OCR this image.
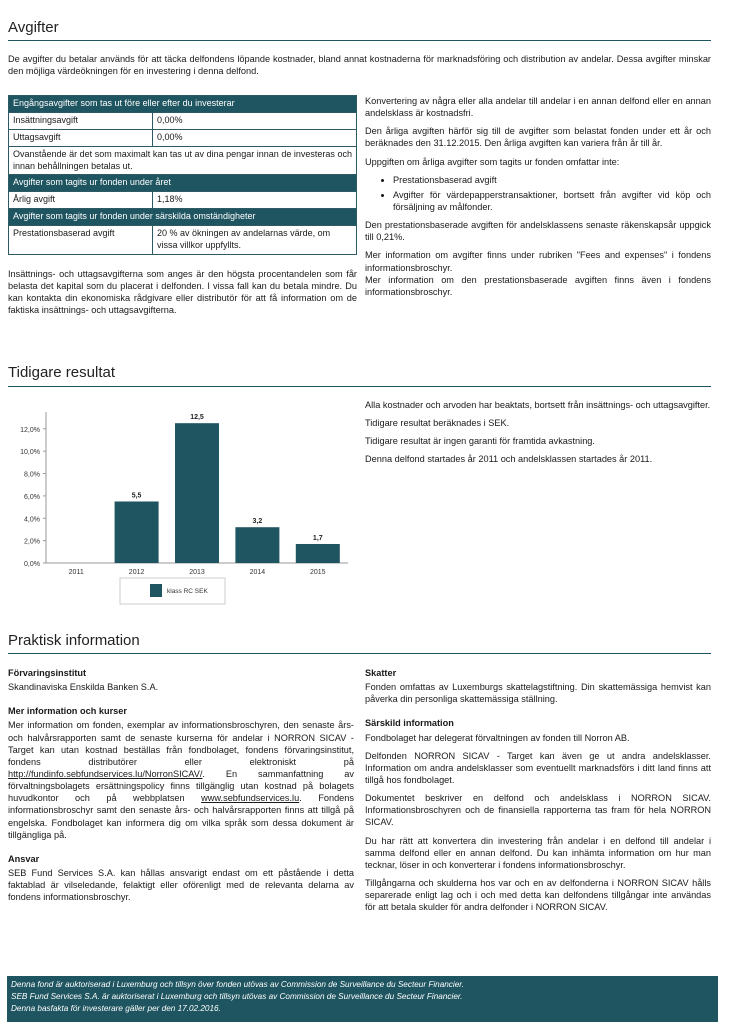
Avgifter
De avgifter du betalar används för att täcka delfondens löpande kostnader, bland annat kostnaderna för marknadsföring och distribution av andelar. Dessa avgifter minskar den möjliga värdeökningen för en investering i denna delfond.
Engångsavgifter som tas ut före eller efter du investerar	
Insättningsavgift	0,00%
Uttagsavgift	0,00%
Ovanstående är det som maximalt kan tas ut av dina pengar innan de investeras och innan behållningen betalas ut.	
Avgifter som tagits ur fonden under året	
Årlig avgift	1,18%
Avgifter som tagits ur fonden under särskilda omständigheter	
Prestationsbaserad avgift	20 % av ökningen av andelarnas värde, om vissa villkor uppfyllts.
Insättnings- och uttagsavgifterna som anges är den högsta procentandelen som får belasta det kapital som du placerat i delfonden. I vissa fall kan du betala mindre. Du kan kontakta din ekonomiska rådgivare eller distributör för att få information om de faktiska insättnings- och uttagsavgifterna.

Konvertering av några eller alla andelar till andelar i en annan delfond eller en annan andelsklass är kostnadsfri.

Den årliga avgiften härför sig till de avgifter som belastat fonden under ett år och beräknades den 31.12.2015. Den årliga avgiften kan variera från år till år.

Uppgiften om årliga avgifter som tagits ur fonden omfattar inte:

• Prestationsbaserad avgift
• Avgifter för värdepapperstransaktioner, bortsett från avgifter vid köp och försäljning av målfonder.

Den prestationsbaserade avgiften för andelsklassens senaste räkenskapsår uppgick till 0,21%.

Mer information om avgifter finns under rubriken "Fees and expenses" i fondens informationsbroschyr.

Mer information om den prestationsbaserade avgiften finns även i fondens informationsbroschyr.

Tidigare resultat
0,0%
2,0%
4,0%
6,0%
8,0%
10,0%
12,0%
2011	2012
5,5
2013
12,5
2014
3,2
2015
1,7
klass RC SEK

Alla kostnader och arvoden har beaktats, bortsett från insättnings- och uttagsavgifter.

Tidigare resultat beräknades i SEK.

Tidigare resultat är ingen garanti för framtida avkastning.

Denna delfond startades år 2011 och andelsklassen startades år 2011.

Praktisk information
Förvaringsinstitut

Skandinaviska Enskilda Banken S.A.

Mer information och kurser

Mer information om fonden, exemplar av informationsbroschyren, den senaste års- och halvårsrapporten samt de senaste kurserna för andelar i NORRON SICAV - Target kan utan kostnad beställas från fondbolaget, fondens förvaringsinstitut, fondens distributörer eller elektroniskt på http://fundinfo.sebfundservices.lu/NorronSICAV/. En sammanfattning av förvaltningsbolagets ersättningspolicy finns tillgänglig utan kostnad på bolagets huvudkontor och på webbplatsen www.sebfundservices.lu. Fondens informationsbroschyr samt den senaste års- och halvårsrapporten finns att tillgå på engelska. Fondbolaget kan informera dig om vilka språk som dessa dokument är tillgängliga på.

Ansvar

SEB Fund Services S.A. kan hållas ansvarigt endast om ett påstående i detta faktablad är vilseledande, felaktigt eller oförenligt med de relevanta delarna av fondens informationsbroschyr.

Skatter

Fonden omfattas av Luxemburgs skattelagstiftning. Din skattemässiga hemvist kan påverka din personliga skattemässiga ställning.

Särskild information

Fondbolaget har delegerat förvaltningen av fonden till Norron AB.

Delfonden NORRON SICAV - Target kan även ge ut andra andelsklasser. Information om andra andelsklasser som eventuellt marknadsförs i ditt land finns att tillgå hos fondbolaget.

Dokumentet beskriver en delfond och andelsklass i NORRON SICAV. Informationsbroschyren och de finansiella rapporterna tas fram för hela NORRON SICAV.

Du har rätt att konvertera din investering från andelar i en delfond till andelar i samma delfond eller en annan delfond. Du kan inhämta information om hur man tecknar, löser in och konverterar i fondens informationsbroschyr.

Tillgångarna och skulderna hos var och en av delfonderna i NORRON SICAV hålls separerade enligt lag och i och med detta kan delfondens tillgångar inte användas för att betala skulder för andra delfonder i NORRON SICAV.

Denna fond är auktoriserad i Luxemburg och tillsyn över fonden utövas av Commission de Surveillance du Secteur Financier.
SEB Fund Services S.A. är auktoriserat i Luxemburg och tillsyn utövas av Commission de Surveillance du Secteur Financier.
Denna basfakta för investerare gäller per den 17.02.2016.
